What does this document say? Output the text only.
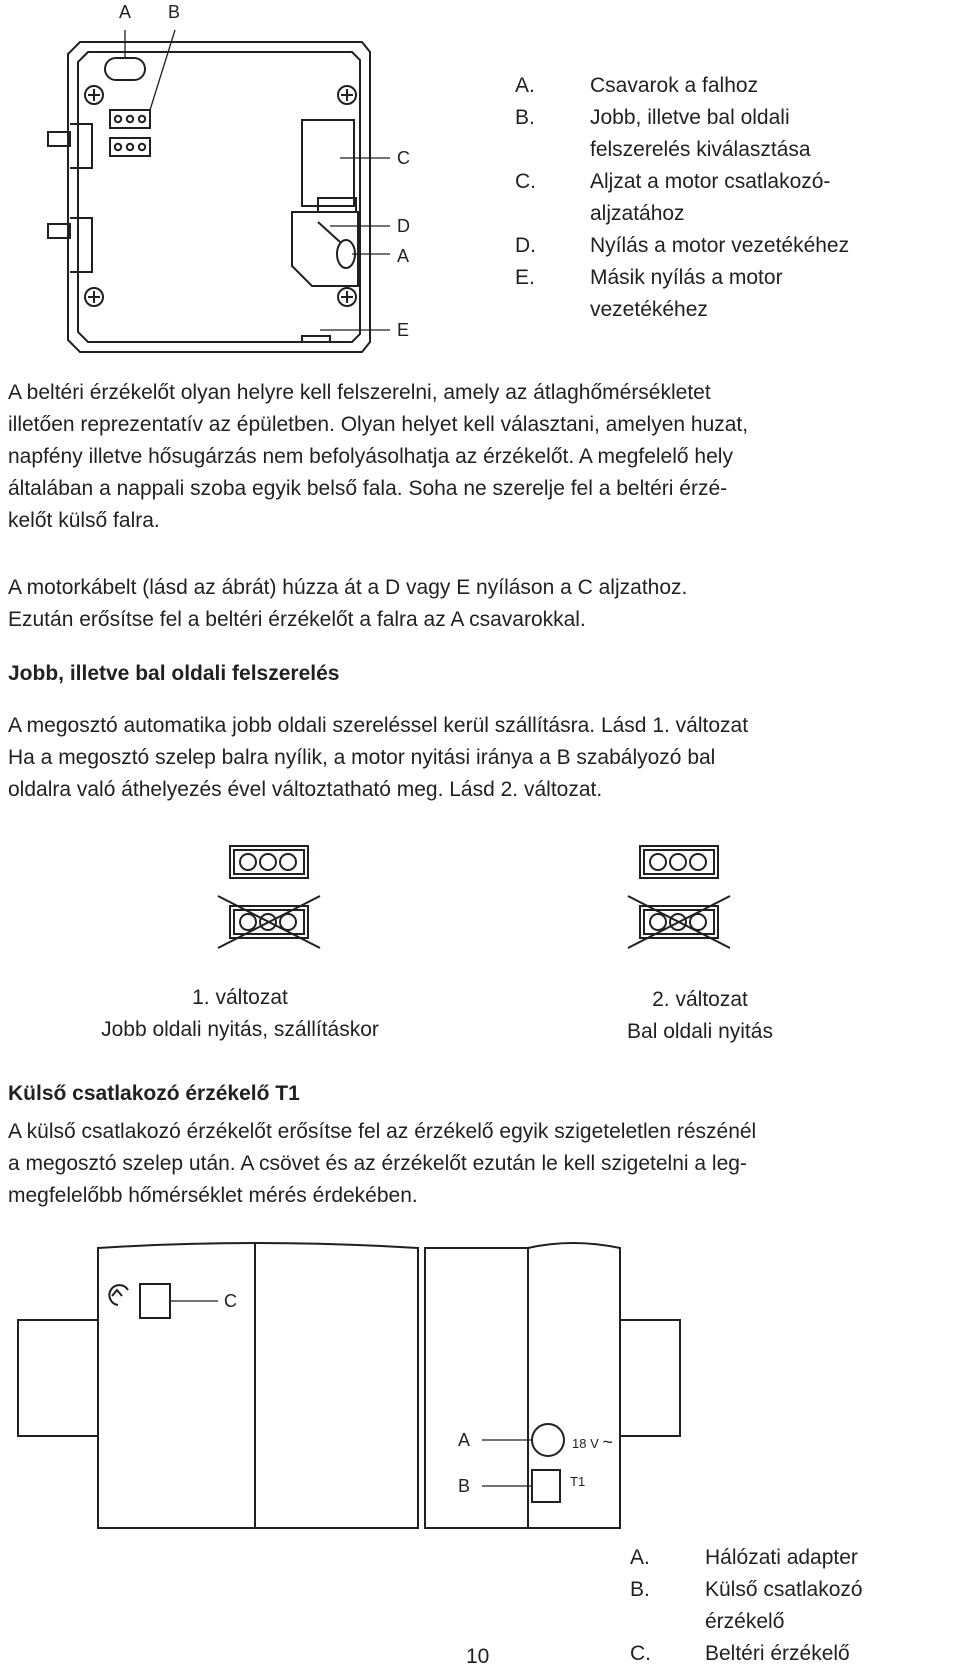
A B
C
D
A
E
A.	Csavarok a falhoz
B.	Jobb, illetve bal oldali
felszerelés kiválasztása
C.	Aljzat a motor csatlakozó-
aljzatához
D.	Nyílás a motor vezetékéhez
E.	Másik nyílás a motor
vezetékéhez
A beltéri érzékelőt olyan helyre kell felszerelni, amely az átlaghőmérsékletet
illetően reprezentatív az épületben. Olyan helyet kell választani, amelyen huzat,
napfény illetve hősugárzás nem befolyásolhatja az érzékelőt. A megfelelő hely
általában a nappali szoba egyik belső fala. Soha ne szerelje fel a beltéri érzé-
kelőt külső falra.
A motorkábelt (lásd az ábrát) húzza át a D vagy E nyíláson a C aljzathoz.
Ezután erősítse fel a beltéri érzékelőt a falra az A csavarokkal.
Jobb, illetve bal oldali felszerelés
A megosztó automatika jobb oldali szereléssel kerül szállításra. Lásd 1. változat
Ha a megosztó szelep balra nyílik, a motor nyitási iránya a B szabályozó bal
oldalra való áthelyezés ével változtatható meg. Lásd 2. változat.
1. változat
Jobb oldali nyitás, szállításkor
2. változat
Bal oldali nyitás
Külső csatlakozó érzékelő T1
A külső csatlakozó érzékelőt erősítse fel az érzékelő egyik szigeteletlen részénél
a megosztó szelep után. A csövet és az érzékelőt ezután le kell szigetelni a leg-
megfelelőbb hőmérséklet mérés érdekében.
C
A
B
18 V ~
T1
A.	Hálózati adapter
B.	Külső csatlakozó
érzékelő
C.	Beltéri érzékelő
10
